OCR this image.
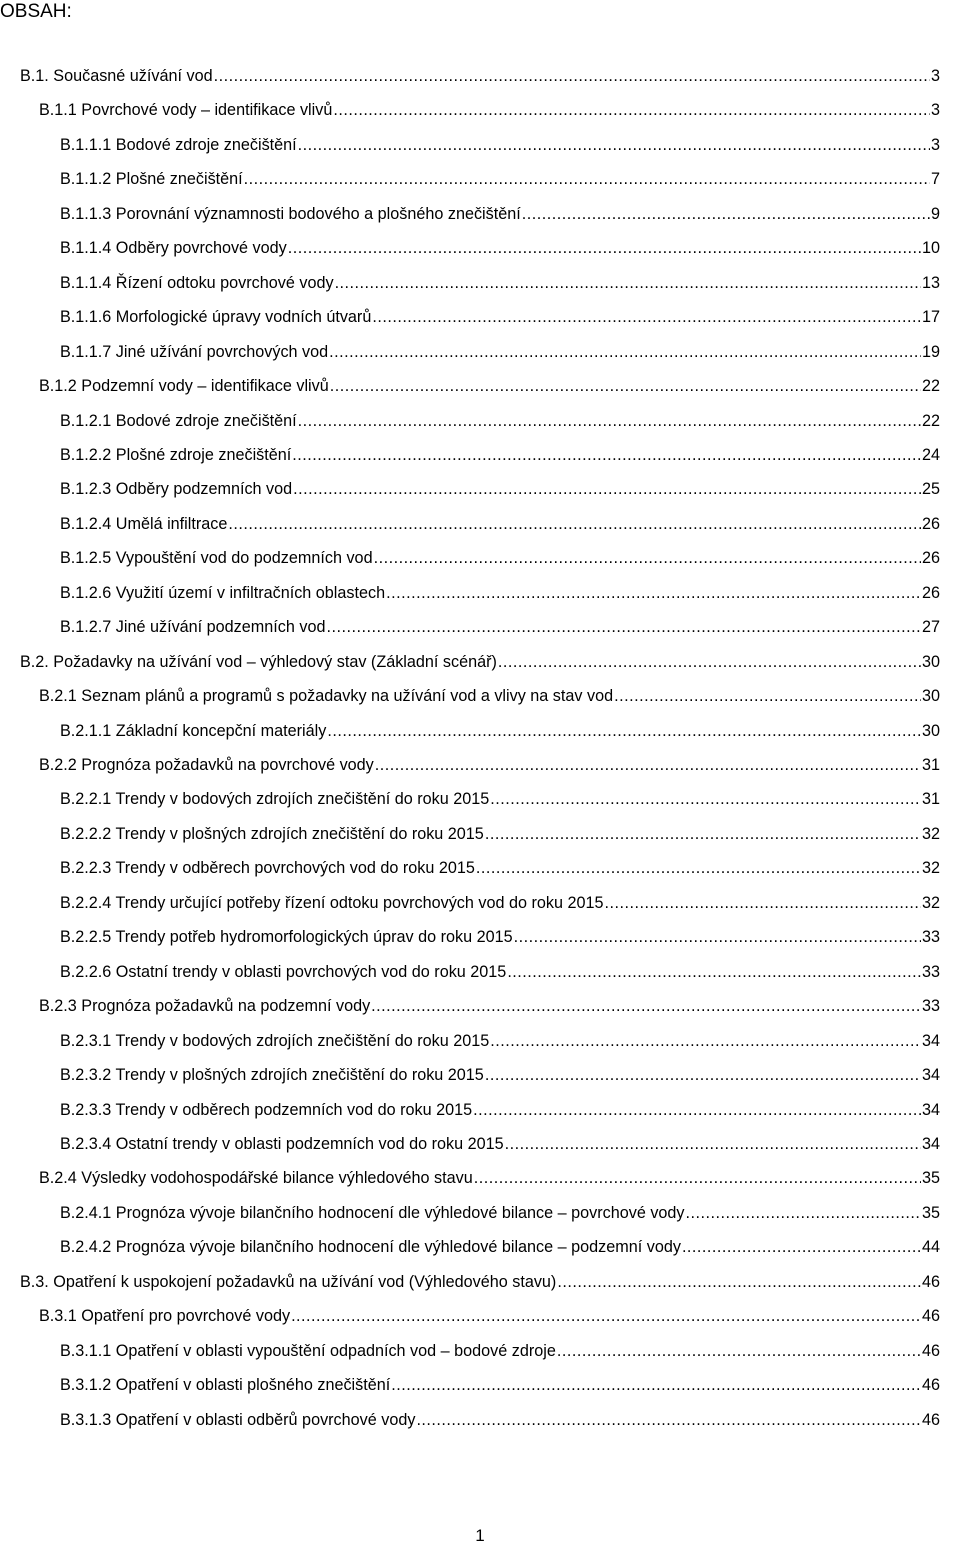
OBSAH:
B.1. Současné užívání vod .....	3
B.1.1 Povrchové vody – identifikace vlivů .....	3
B.1.1.1 Bodové zdroje znečištění .....	3
B.1.1.2 Plošné znečištění .....	7
B.1.1.3 Porovnání významnosti bodového a plošného znečištění .....	9
B.1.1.4 Odběry povrchové vody .....	10
B.1.1.4 Řízení odtoku povrchové vody .....	13
B.1.1.6 Morfologické úpravy vodních útvarů .....	17
B.1.1.7 Jiné užívání povrchových vod .....	19
B.1.2 Podzemní vody – identifikace vlivů .....	22
B.1.2.1 Bodové zdroje znečištění .....	22
B.1.2.2 Plošné zdroje znečištění .....	24
B.1.2.3 Odběry podzemních vod .....	25
B.1.2.4 Umělá infiltrace .....	26
B.1.2.5 Vypouštění vod do podzemních vod .....	26
B.1.2.6 Využití území v infiltračních oblastech .....	26
B.1.2.7 Jiné užívání podzemních vod .....	27
B.2. Požadavky na užívání vod – výhledový stav (Základní scénář) .....	30
B.2.1 Seznam plánů a programů s požadavky na užívání vod a vlivy na stav vod .....	30
B.2.1.1 Základní koncepční materiály .....	30
B.2.2 Prognóza požadavků na povrchové vody .....	31
B.2.2.1 Trendy v bodových zdrojích znečištění do roku 2015 .....	31
B.2.2.2 Trendy v plošných zdrojích znečištění do roku 2015 .....	32
B.2.2.3 Trendy v odběrech povrchových vod do roku 2015 .....	32
B.2.2.4 Trendy určující potřeby řízení odtoku povrchových vod do roku 2015 .....	32
B.2.2.5 Trendy potřeb hydromorfologických úprav do roku 2015 .....	33
B.2.2.6 Ostatní trendy v oblasti povrchových vod do roku 2015 .....	33
B.2.3 Prognóza požadavků na podzemní vody .....	33
B.2.3.1 Trendy v bodových zdrojích znečištění do roku 2015 .....	34
B.2.3.2 Trendy v plošných zdrojích znečištění do roku 2015 .....	34
B.2.3.3 Trendy v odběrech podzemních vod do roku 2015 .....	34
B.2.3.4 Ostatní trendy v oblasti podzemních vod do roku 2015 .....	34
B.2.4 Výsledky vodohospodářské bilance výhledového stavu .....	35
B.2.4.1 Prognóza vývoje bilančního hodnocení dle výhledové bilance – povrchové vody .....	35
B.2.4.2 Prognóza vývoje bilančního hodnocení dle výhledové bilance – podzemní vody .....	44
B.3. Opatření k uspokojení požadavků na užívání vod (Výhledového stavu) .....	46
B.3.1 Opatření pro povrchové vody .....	46
B.3.1.1 Opatření v oblasti vypouštění odpadních vod – bodové zdroje .....	46
B.3.1.2 Opatření v oblasti plošného znečištění .....	46
B.3.1.3 Opatření v oblasti odběrů povrchové vody .....	46
1
